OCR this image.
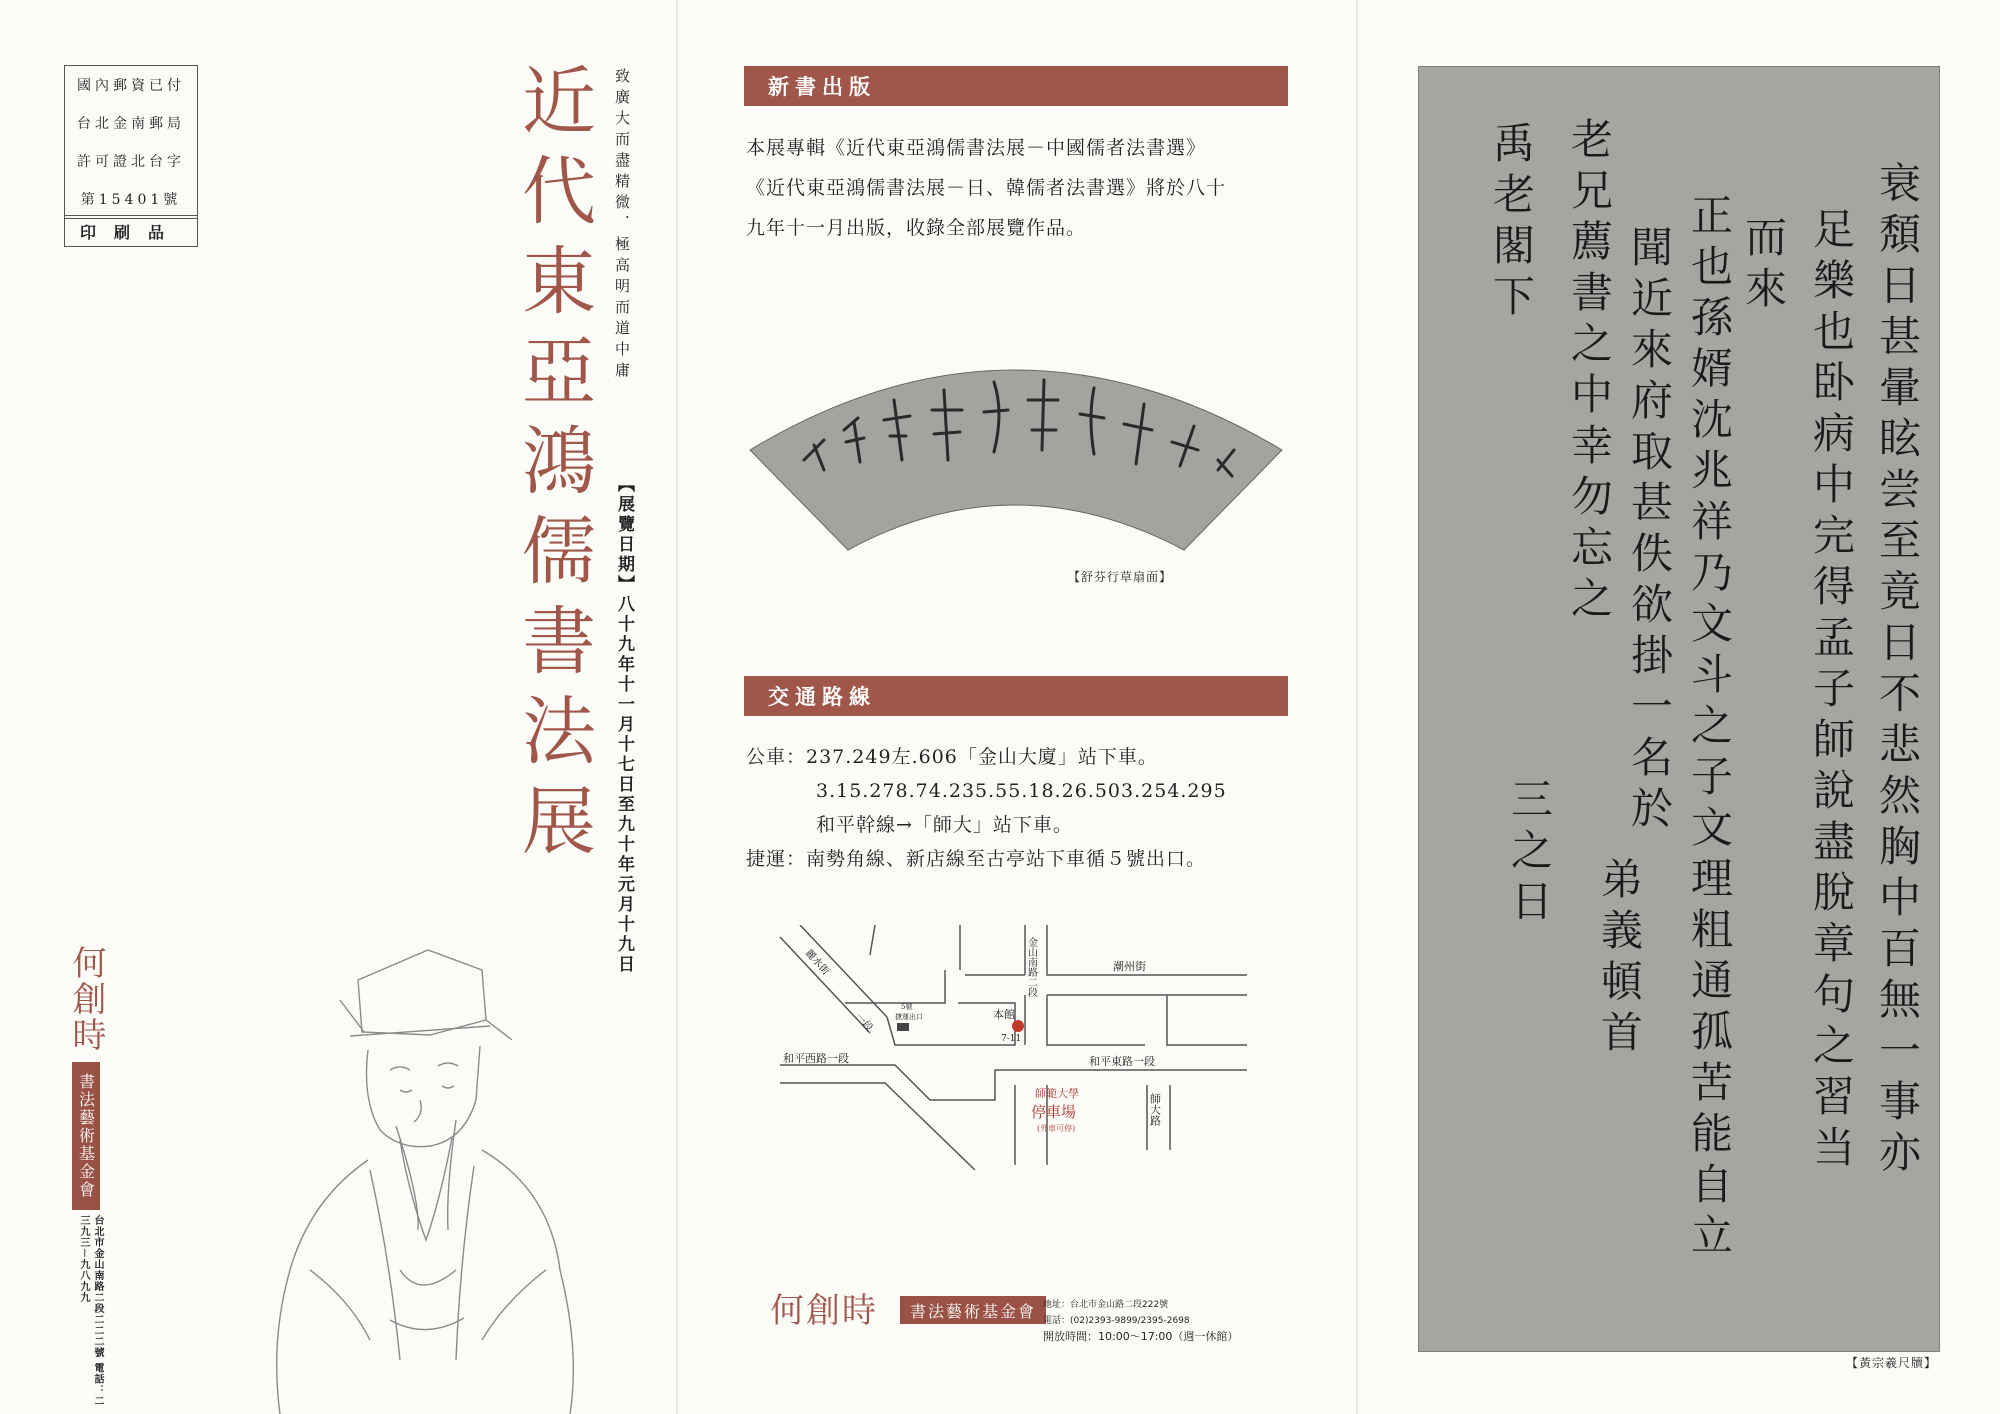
國內郵資已付
台北金南郵局
許可證北台字
第15401號
印刷品	近代東亞鴻儒書法展	致廣大而盡精微．極高明而道中庸
【展覽日期】八十九年十一月十七日至九十年元月十九日
何創時
書法藝術基金會
台北市金山南路二段二二二號 電話：二三九三－九八九九
新書出版
本展專輯《近代東亞鴻儒書法展－中國儒者法書選》
《近代東亞鴻儒書法展－日、韓儒者法書選》將於八十
九年十一月出版，收錄全部展覽作品。
【舒芬行草扇面】
交通路線
公車：237.249左.606「金山大廈」站下車。
3.15.278.74.235.55.18.26.503.254.295
和平幹線→「師大」站下車。
捷運：南勢角線、新店線至古亭站下車循５號出口。
麗水街
一段
金山南路二段	潮州街
和平西路一段	和平東路一段
師大路
5號
捷運出口	本館
7-11
師範大學
停車場
(外車可停)
何創時	書法藝術基金會 地址：台北市金山路二段222號
電話：(02)2393-9899/2395-2698
開放時間：10:00～17:00（週一休館）
衰頽日甚暈眩尝至竟日不悲然胸中百無一事亦
足樂也卧病中完得孟子師說盡脫章句之習当
而來
正也孫婿沈兆祥乃文斗之子文理粗通孤苦能自立
聞近來府取甚佚欲掛一名於
老兄薦書之中幸勿忘之
禹老閣下
弟義頓首
三之日
【黃宗羲尺牘】
